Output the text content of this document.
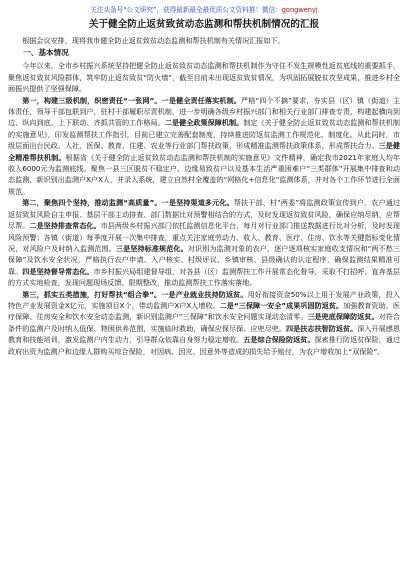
关注头条号“公文研究”，获得最新最全最优质公文资料推！微信：gongwenyj
关于健全防止返贫致贫动态监测和帮扶机制情况的汇报

根据会议安排，现将我市健全防止返贫致贫动态监测和帮扶机制有关情况汇报如下。

一、基本情况

今年以来，全市乡村振兴系统坚持把健全防止返贫致贫动态监测和帮扶机制作为守住不发生规模性返贫底线的重要抓手，聚焦返贫致贫风险群体，筑牢防止返贫致贫“防火墙”，截至目前未出现返贫致贫情况，为巩固拓展脱贫攻坚成果、推进乡村全面振兴提供了坚强保障。

第一，构建三级机制，织密责任“一张网”。一是健全责任落实机制。严格“四个不摘”要求，夯实县（区）镇（街道）主体责任，领导干部包联到户，驻村干部履职尽责机制，进一步明确各级乡村振兴部门和相关行业部门排查专责，构建起横向到边、纵向到底、上下联动、齐抓共管的工作格局。二是健全政策保障机制。制定《关于健全防止返贫致贫动态监测和帮扶机制的实施意见》，印发监测帮扶工作指引，目前已建立完善配套制度，持续推进防返贫监测工作规范化、制度化。从此同时，市级层面出台民政、人社、医保、教育、住建、农业等行业部门帮扶政策，形成精准监测帮扶政策体系，形成帮扶合力。三是健全精准帮扶机制。根据省《关于健全防止返贫致贫动态监测和帮扶机制的实施意见》文件精神，确定我市2021年家庭人均年收入6000元为监测底线。聚焦一县三区脱贫不稳定户、边缘易致贫户以及基本生活严重困难户“三类群体”开展集中排查和动态监测，新识别出监测户X户X人，并录入系统，建立自然村全覆盖的“网格化+信息化”监测体系，并对各个工作环节进行全面规范。

第二，聚焦四个坚持，推动监测“高质量”。一是坚持渠道多元化。帮扶干部、村“两委”将监测政策宣传到户，农户通过返贫致贫风险自主申报、基层干部主动排查、部门数据比对预警相结合的方式，及时发现返贫致贫风险，确保应纳尽纳、应帮尽帮。二是坚持排查常态化。市县两级乡村振兴部门依托监测信息化平台，每月对行业部门推送数据进行比对分析，及时发现风险预警；各镇（街道）每季度开展一次集中排查，重点关注家庭劳动力、收入、教育、医疗、住房、饮水等关键指标变化情况，对风险户及时纳入监测范围。三是坚持标准规范化。对识别为监测对象的农户，逐户逐项核实家庭收支情况和“两不愁三保障”及饮水安全状况，严格执行农户申请、入户核实、村级评议、乡镇审核、县级确认的认定程序，确保监测结果精准可靠。四是坚持督导常态化。市乡村振兴局组建督导组，对各县（区）监测帮扶工作开展常态化督导，采取不打招呼、直奔基层的方式实地检查，发现问题现场反馈、限期整改，推动监测帮扶工作落实落地。

第三，抓实五类措施，打好帮扶“组合拳”。一是产业就业扶持防返贫。用好衔接资金50%以上用于发展产业政策，投入特色产业发展资金X亿元，实施项目X个，带动监测户X户X人增收。二是“三保障一安全”成果巩固防返贫。加强教育资助、医疗保障、住房安全和饮水安全动态监测，新识别监测户“三保障”和饮水安全问题实现动态清零。三是兜底保障防返贫。对符合条件的监测户及时纳入低保、特困供养范围，实施临时救助，确保应保尽保、应兜尽兜。四是扶志扶智防返贫。深入开展感恩教育和技能培训，激发监测户内生动力，引导群众依靠自身努力稳定增收。五是综合保险防返贫。探索推行防返贫保险，通过政府出资为监测户和边缘人群购买综合保险，对因病、因灾、因意外等造成的损失给予赔付，为农户增收加上“双保险”。
